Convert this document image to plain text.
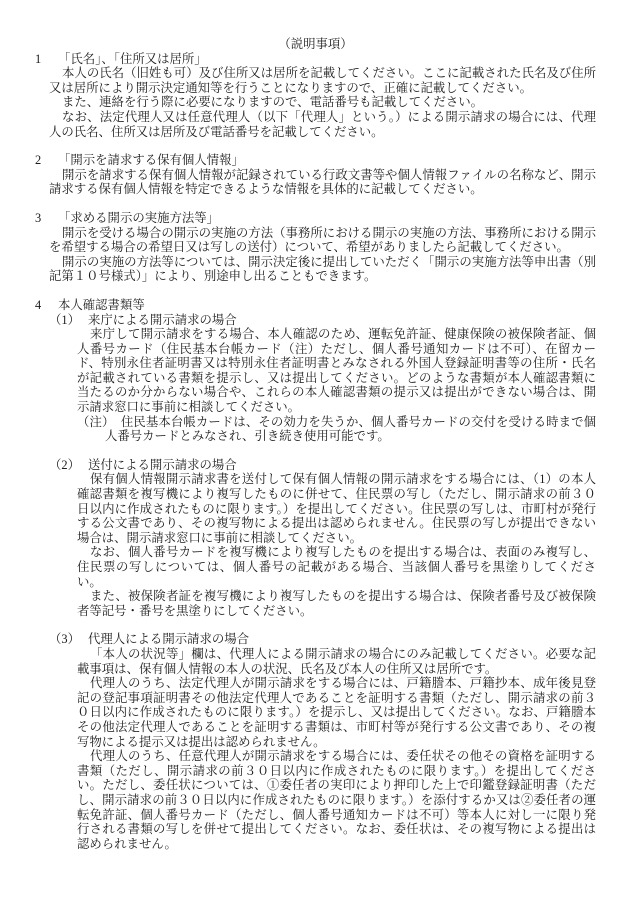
（説明事項）
1 「氏名」、「住所又は居所」

本人の氏名（旧姓も可）及び住所又は居所を記載してください。ここに記載された氏名及び住所又は居所により開示決定通知等を行うことになりますので、正確に記載してください。

また、連絡を行う際に必要になりますので、電話番号も記載してください。

なお、法定代理人又は任意代理人（以下「代理人」という。）による開示請求の場合には、代理人の氏名、住所又は居所及び電話番号を記載してください。

2 「開示を請求する保有個人情報」

開示を請求する保有個人情報が記録されている行政文書等や個人情報ファイルの名称など、開示請求する保有個人情報を特定できるような情報を具体的に記載してください。

3 「求める開示の実施方法等」

開示を受ける場合の開示の実施の方法（事務所における開示の実施の方法、事務所における開示を希望する場合の希望日又は写しの送付）について、希望がありましたら記載してください。

開示の実施の方法等については、開示決定後に提出していただく「開示の実施方法等申出書（別記第１０号様式）」により、別途申し出ることもできます。

4 本人確認書類等
（1） 来庁による開示請求の場合

来庁して開示請求をする場合、本人確認のため、運転免許証、健康保険の被保険者証、個人番号カード（住民基本台帳カード（注）ただし、個人番号通知カードは不可）、在留カード、特別永住者証明書又は特別永住者証明書とみなされる外国人登録証明書等の住所・氏名が記載されている書類を提示し、又は提出してください。どのような書類が本人確認書類に当たるのか分からない場合や、これらの本人確認書類の提示又は提出ができない場合は、開示請求窓口に事前に相談してください。

（注）　住民基本台帳カードは、その効力を失うか、個人番号カードの交付を受ける時まで個人番号カードとみなされ、引き続き使用可能です。

（2） 送付による開示請求の場合

保有個人情報開示請求書を送付して保有個人情報の開示請求をする場合には、（1）の本人確認書類を複写機により複写したものに併せて、住民票の写し（ただし、開示請求の前３０日以内に作成されたものに限ります。）を提出してください。住民票の写しは、市町村が発行する公文書であり、その複写物による提出は認められません。住民票の写しが提出できない場合は、開示請求窓口に事前に相談してください。

なお、個人番号カードを複写機により複写したものを提出する場合は、表面のみ複写し、住民票の写しについては、個人番号の記載がある場合、当該個人番号を黒塗りしてください。

また、被保険者証を複写機により複写したものを提出する場合は、保険者番号及び被保険者等記号・番号を黒塗りにしてください。

（3） 代理人による開示請求の場合

「本人の状況等」欄は、代理人による開示請求の場合にのみ記載してください。必要な記載事項は、保有個人情報の本人の状況、氏名及び本人の住所又は居所です。

代理人のうち、法定代理人が開示請求をする場合には、戸籍謄本、戸籍抄本、成年後見登記の登記事項証明書その他法定代理人であることを証明する書類（ただし、開示請求の前３０日以内に作成されたものに限ります。）を提示し、又は提出してください。なお、戸籍謄本その他法定代理人であることを証明する書類は、市町村等が発行する公文書であり、その複写物による提示又は提出は認められません。

代理人のうち、任意代理人が開示請求をする場合には、委任状その他その資格を証明する書類（ただし、開示請求の前３０日以内に作成されたものに限ります。）を提出してください。ただし、委任状については、①委任者の実印により押印した上で印鑑登録証明書（ただし、開示請求の前３０日以内に作成されたものに限ります。）を添付するか又は②委任者の運転免許証、個人番号カード（ただし、個人番号通知カードは不可）等本人に対し一に限り発行される書類の写しを併せて提出してください。なお、委任状は、その複写物による提出は認められません。
